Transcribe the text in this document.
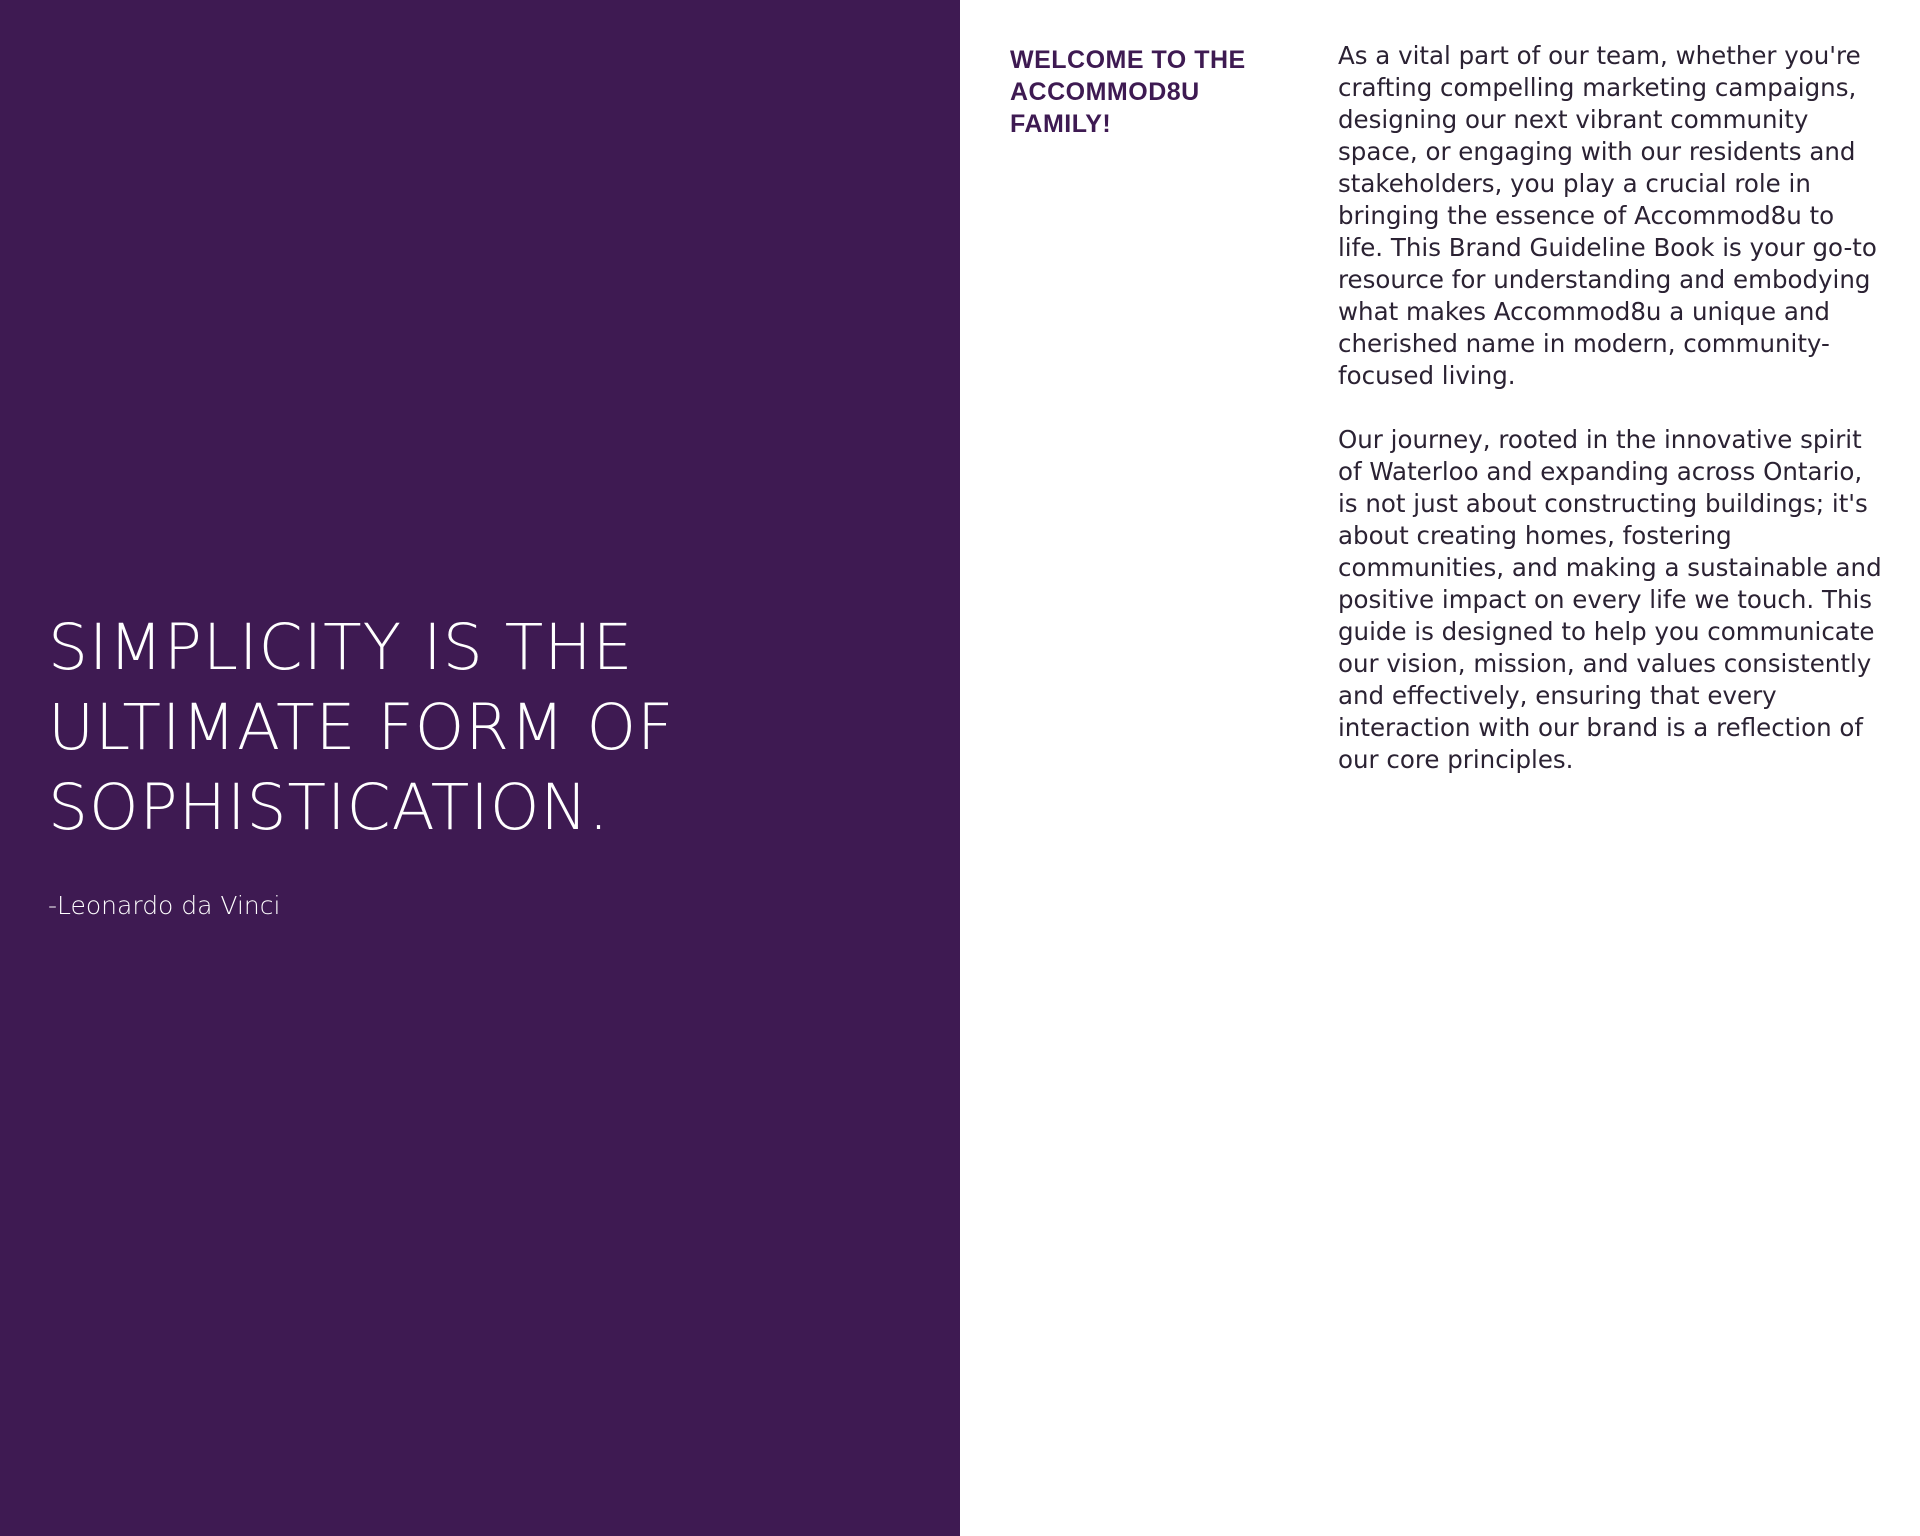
SIMPLICITY IS THE ULTIMATE FORM OF SOPHISTICATION.
-Leonardo da Vinci
WELCOME TO THE ACCOMMOD8U FAMILY!

As a vital part of our team, whether you're crafting compelling marketing campaigns, designing our next vibrant community space, or engaging with our residents and stakeholders, you play a crucial role in bringing the essence of Accommod8u to life. This Brand Guideline Book is your go-to resource for understanding and embodying what makes Accommod8u a unique and cherished name in modern, community-focused living.

Our journey, rooted in the innovative spirit of Waterloo and expanding across Ontario, is not just about constructing buildings; it's about creating homes, fostering communities, and making a sustainable and positive impact on every life we touch. This guide is designed to help you communicate our vision, mission, and values consistently and effectively, ensuring that every interaction with our brand is a reflection of our core principles.
